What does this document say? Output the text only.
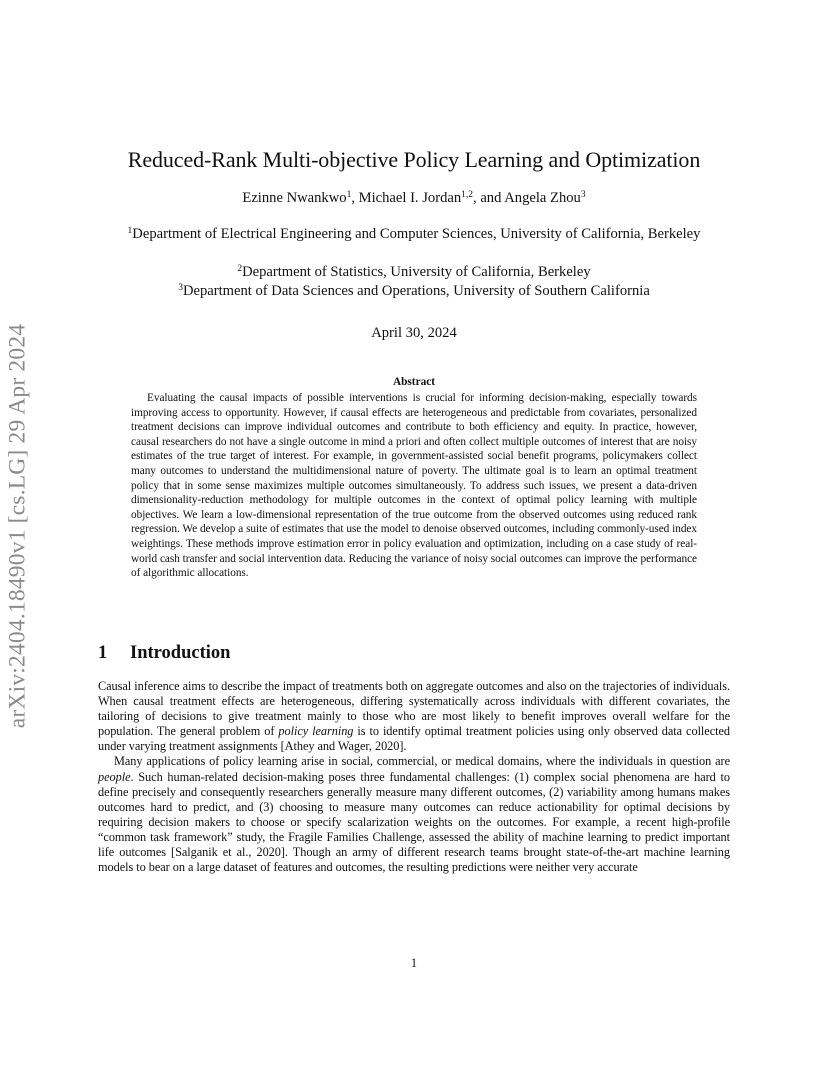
arXiv:2404.18490v1 [cs.LG] 29 Apr 2024
Reduced-Rank Multi-objective Policy Learning and Optimization
Ezinne Nwankwo$^1$, Michael I. Jordan$^{1,2}$, and Angela Zhou$^3$
$^1$Department of Electrical Engineering and Computer Sciences, University of California, Berkeley
$^2$Department of Statistics, University of California, Berkeley
$^3$Department of Data Sciences and Operations, University of Southern California
April 30, 2024
Abstract
Evaluating the causal impacts of possible interventions is crucial for informing decision-making, especially towards improving access to opportunity. However, if causal effects are heterogeneous and predictable from covariates, personalized treatment decisions can improve individual outcomes and contribute to both efficiency and equity. In practice, however, causal researchers do not have a single outcome in mind a priori and often collect multiple outcomes of interest that are noisy estimates of the true target of interest. For example, in government-assisted social benefit programs, policymakers collect many outcomes to understand the multidimensional nature of poverty. The ultimate goal is to learn an optimal treatment policy that in some sense maximizes multiple outcomes simultaneously. To address such issues, we present a data-driven dimensionality-reduction methodology for multiple outcomes in the context of optimal policy learning with multiple objectives. We learn a low-dimensional representation of the true outcome from the observed outcomes using reduced rank regression. We develop a suite of estimates that use the model to denoise observed outcomes, including commonly-used index weightings. These methods improve estimation error in policy evaluation and optimization, including on a case study of real-world cash transfer and social intervention data. Reducing the variance of noisy social outcomes can improve the performance of algorithmic allocations.
1 Introduction

Causal inference aims to describe the impact of treatments both on aggregate outcomes and also on the trajectories of individuals. When causal treatment effects are heterogeneous, differing systematically across individuals with different covariates, the tailoring of decisions to give treatment mainly to those who are most likely to benefit improves overall welfare for the population. The general problem of policy learning is to identify optimal treatment policies using only observed data collected under varying treatment assignments [Athey and Wager, 2020].

Many applications of policy learning arise in social, commercial, or medical domains, where the individuals in question are people. Such human-related decision-making poses three fundamental challenges: (1) complex social phenomena are hard to define precisely and consequently researchers generally measure many different outcomes, (2) variability among humans makes outcomes hard to predict, and (3) choosing to measure many outcomes can reduce actionability for optimal decisions by requiring decision makers to choose or specify scalarization weights on the outcomes. For example, a recent high-profile “common task framework” study, the Fragile Families Challenge, assessed the ability of machine learning to predict important life outcomes [Salganik et al., 2020]. Though an army of different research teams brought state-of-the-art machine learning models to bear on a large dataset of features and outcomes, the resulting predictions were neither very accurate

1
